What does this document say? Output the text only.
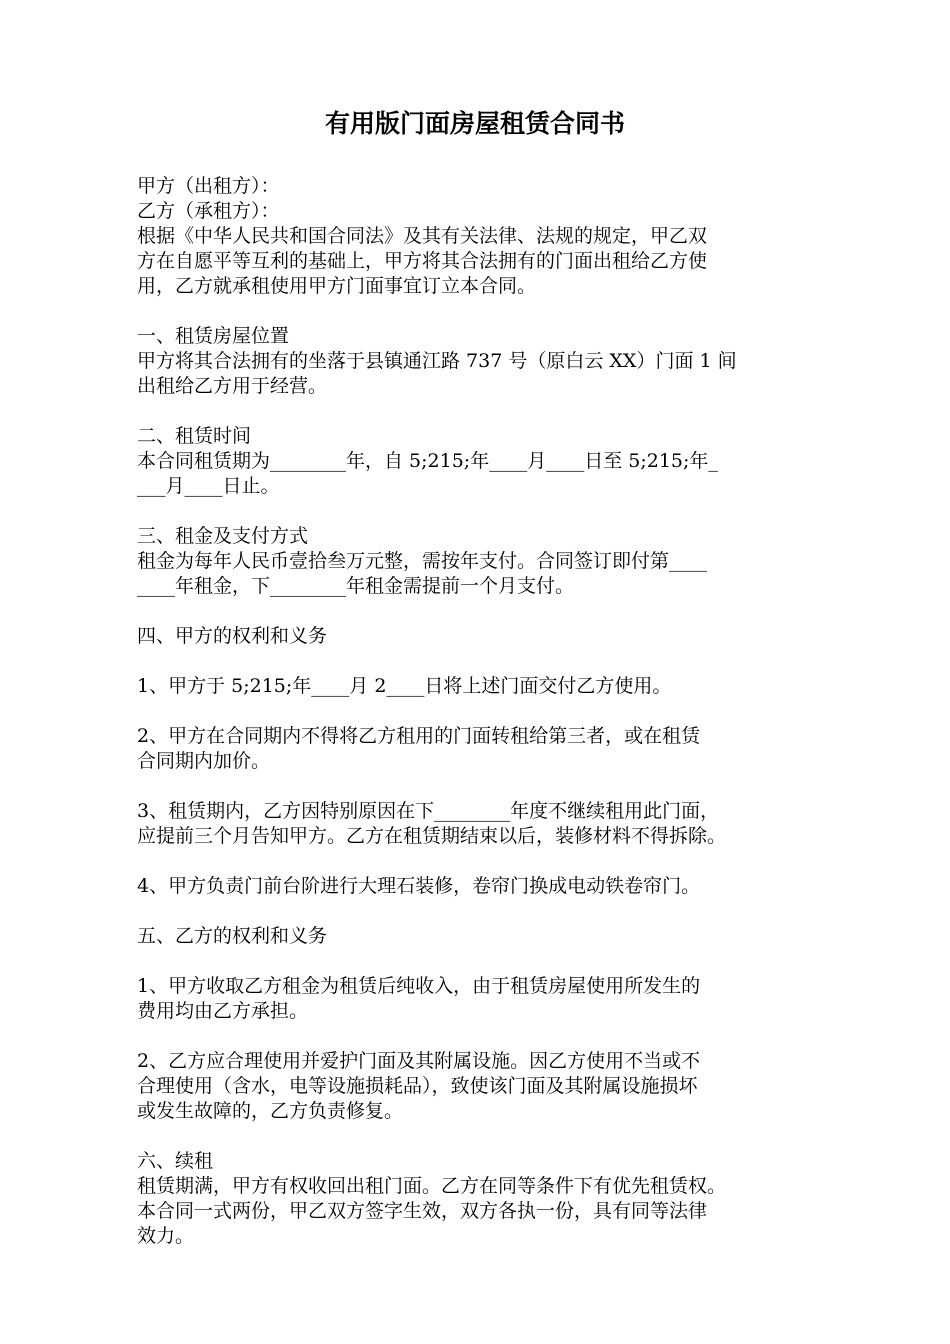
有用版门面房屋租赁合同书
甲方（出租方）：
乙方（承租方）：
根据《中华人民共和国合同法》及其有关法律、法规的规定，甲乙双
方在自愿平等互利的基础上，甲方将其合法拥有的门面出租给乙方使
用，乙方就承租使用甲方门面事宜订立本合同。
一、租赁房屋位置
甲方将其合法拥有的坐落于县镇通江路 737 号（原白云 XX）门面 1 间
出租给乙方用于经营。
二、租赁时间
本合同租赁期为________年，自 5;215;年____月____日至 5;215;年_
___月____日止。
三、租金及支付方式
租金为每年人民币壹拾叁万元整，需按年支付。合同签订即付第____
____年租金，下________年租金需提前一个月支付。
四、甲方的权利和义务
1、甲方于 5;215;年____月 2____日将上述门面交付乙方使用。
2、甲方在合同期内不得将乙方租用的门面转租给第三者，或在租赁
合同期内加价。
3、租赁期内，乙方因特别原因在下________年度不继续租用此门面，
应提前三个月告知甲方。乙方在租赁期结束以后，装修材料不得拆除。
4、甲方负责门前台阶进行大理石装修，卷帘门换成电动铁卷帘门。
五、乙方的权利和义务
1、甲方收取乙方租金为租赁后纯收入，由于租赁房屋使用所发生的
费用均由乙方承担。
2、乙方应合理使用并爱护门面及其附属设施。因乙方使用不当或不
合理使用（含水，电等设施损耗品），致使该门面及其附属设施损坏
或发生故障的，乙方负责修复。
六、续租
租赁期满，甲方有权收回出租门面。乙方在同等条件下有优先租赁权。
本合同一式两份，甲乙双方签字生效，双方各执一份，具有同等法律
效力。
